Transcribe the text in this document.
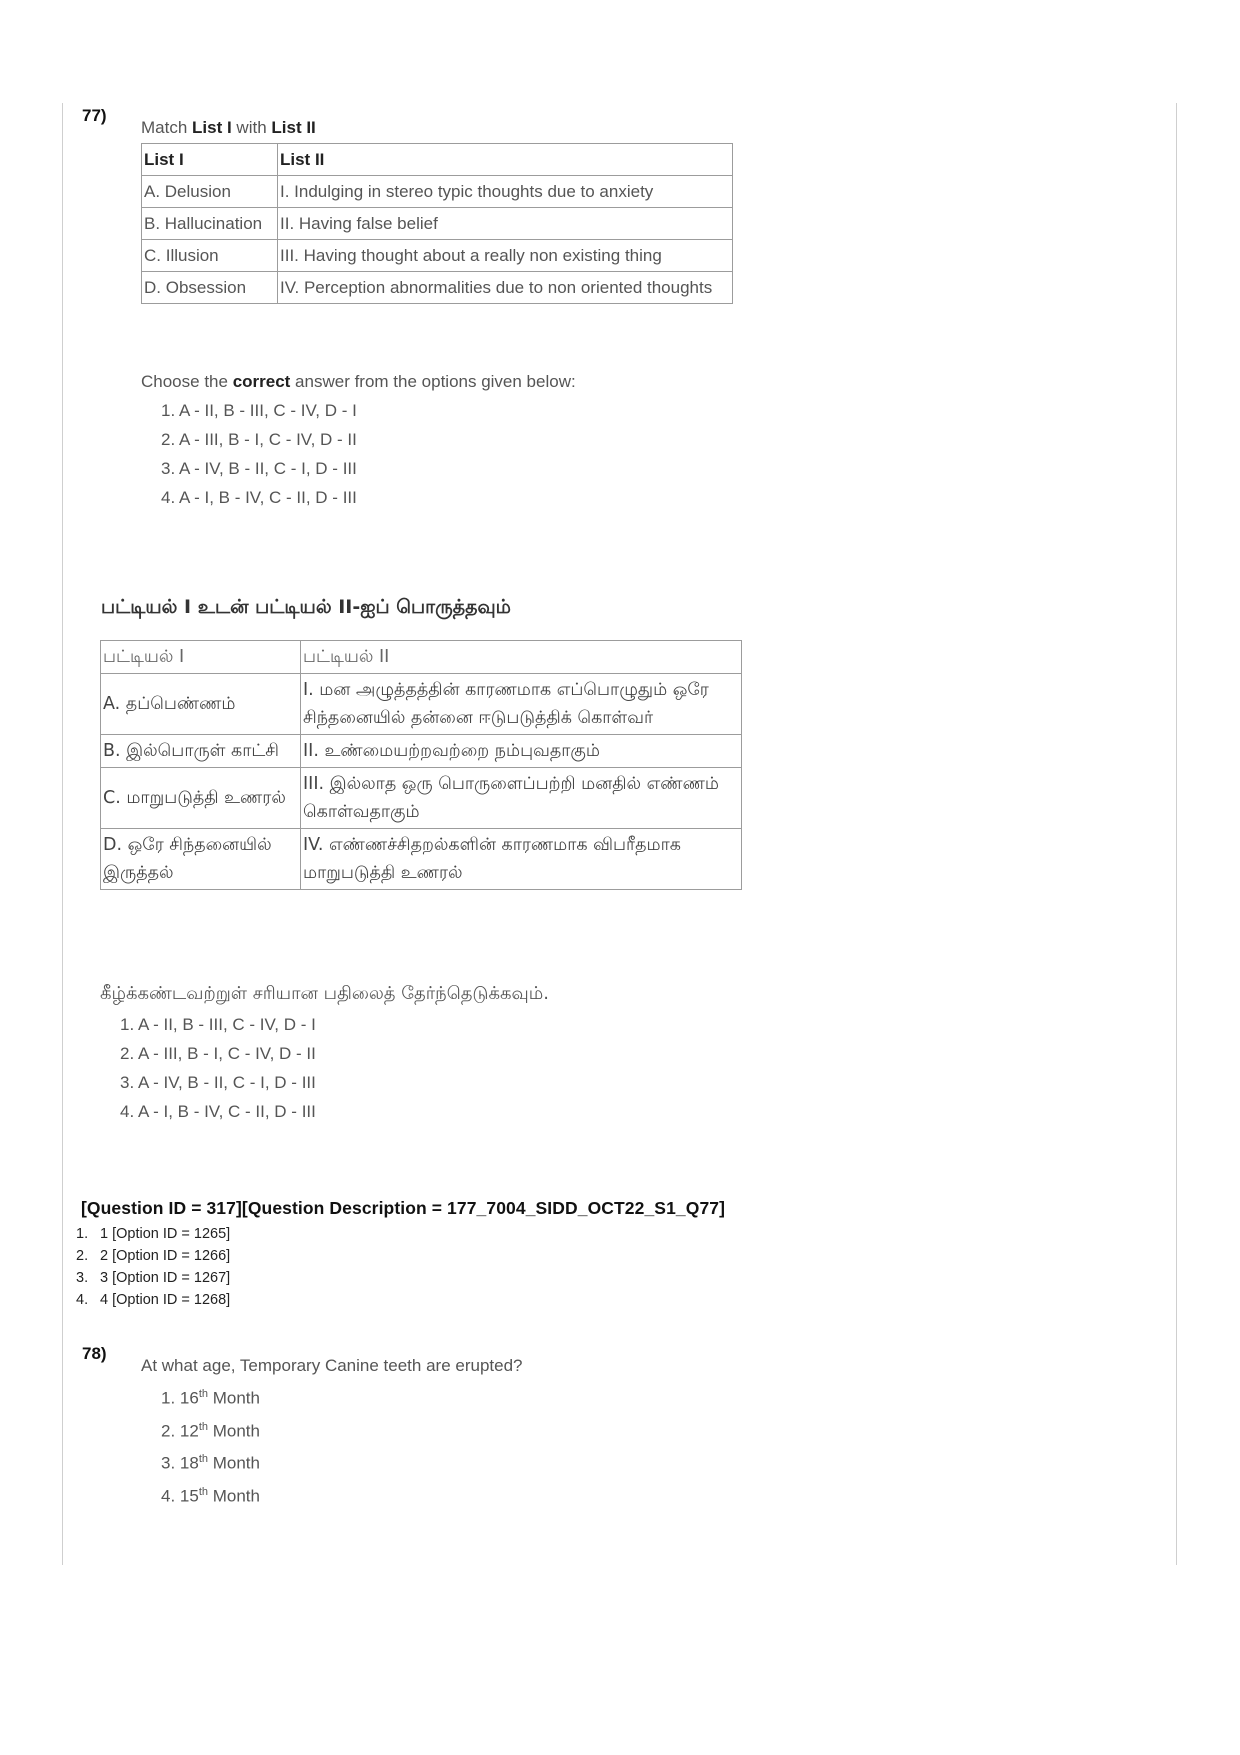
77)
Match List I with List II
List I	List II
A. Delusion	I. Indulging in stereo typic thoughts due to anxiety
B. Hallucination	II. Having false belief
C. Illusion	III. Having thought about a really non existing thing
D. Obsession	IV. Perception abnormalities due to non oriented thoughts
Choose the correct answer from the options given below:
1. A - II, B - III, C - IV, D - I
2. A - III, B - I, C - IV, D - II
3. A - IV, B - II, C - I, D - III
4. A - I, B - IV, C - II, D - III
பட்டியல் I உடன் பட்டியல் II-ஐப் பொருத்தவும்
பட்டியல் I	பட்டியல் II
A. தப்பெண்ணம்	I. மன அழுத்தத்தின் காரணமாக எப்பொழுதும் ஒரே சிந்தனையில் தன்னை ஈடுபடுத்திக் கொள்வர்
B. இல்பொருள் காட்சி	II. உண்மையற்றவற்றை நம்புவதாகும்
C. மாறுபடுத்தி உணரல்	III. இல்லாத ஒரு பொருளைப்பற்றி மனதில் எண்ணம் கொள்வதாகும்
D. ஒரே சிந்தனையில் இருத்தல்	IV. எண்ணச்சிதறல்களின் காரணமாக விபரீதமாக மாறுபடுத்தி உணரல்
கீழ்க்கண்டவற்றுள் சரியான பதிலைத் தேர்ந்தெடுக்கவும்.
1. A - II, B - III, C - IV, D - I
2. A - III, B - I, C - IV, D - II
3. A - IV, B - II, C - I, D - III
4. A - I, B - IV, C - II, D - III
[Question ID = 317][Question Description = 177_7004_SIDD_OCT22_S1_Q77]
1. 1 [Option ID = 1265]
2. 2 [Option ID = 1266]
3. 3 [Option ID = 1267]
4. 4 [Option ID = 1268]
78)
At what age, Temporary Canine teeth are erupted?
1. 16th Month
2. 12th Month
3. 18th Month
4. 15th Month
